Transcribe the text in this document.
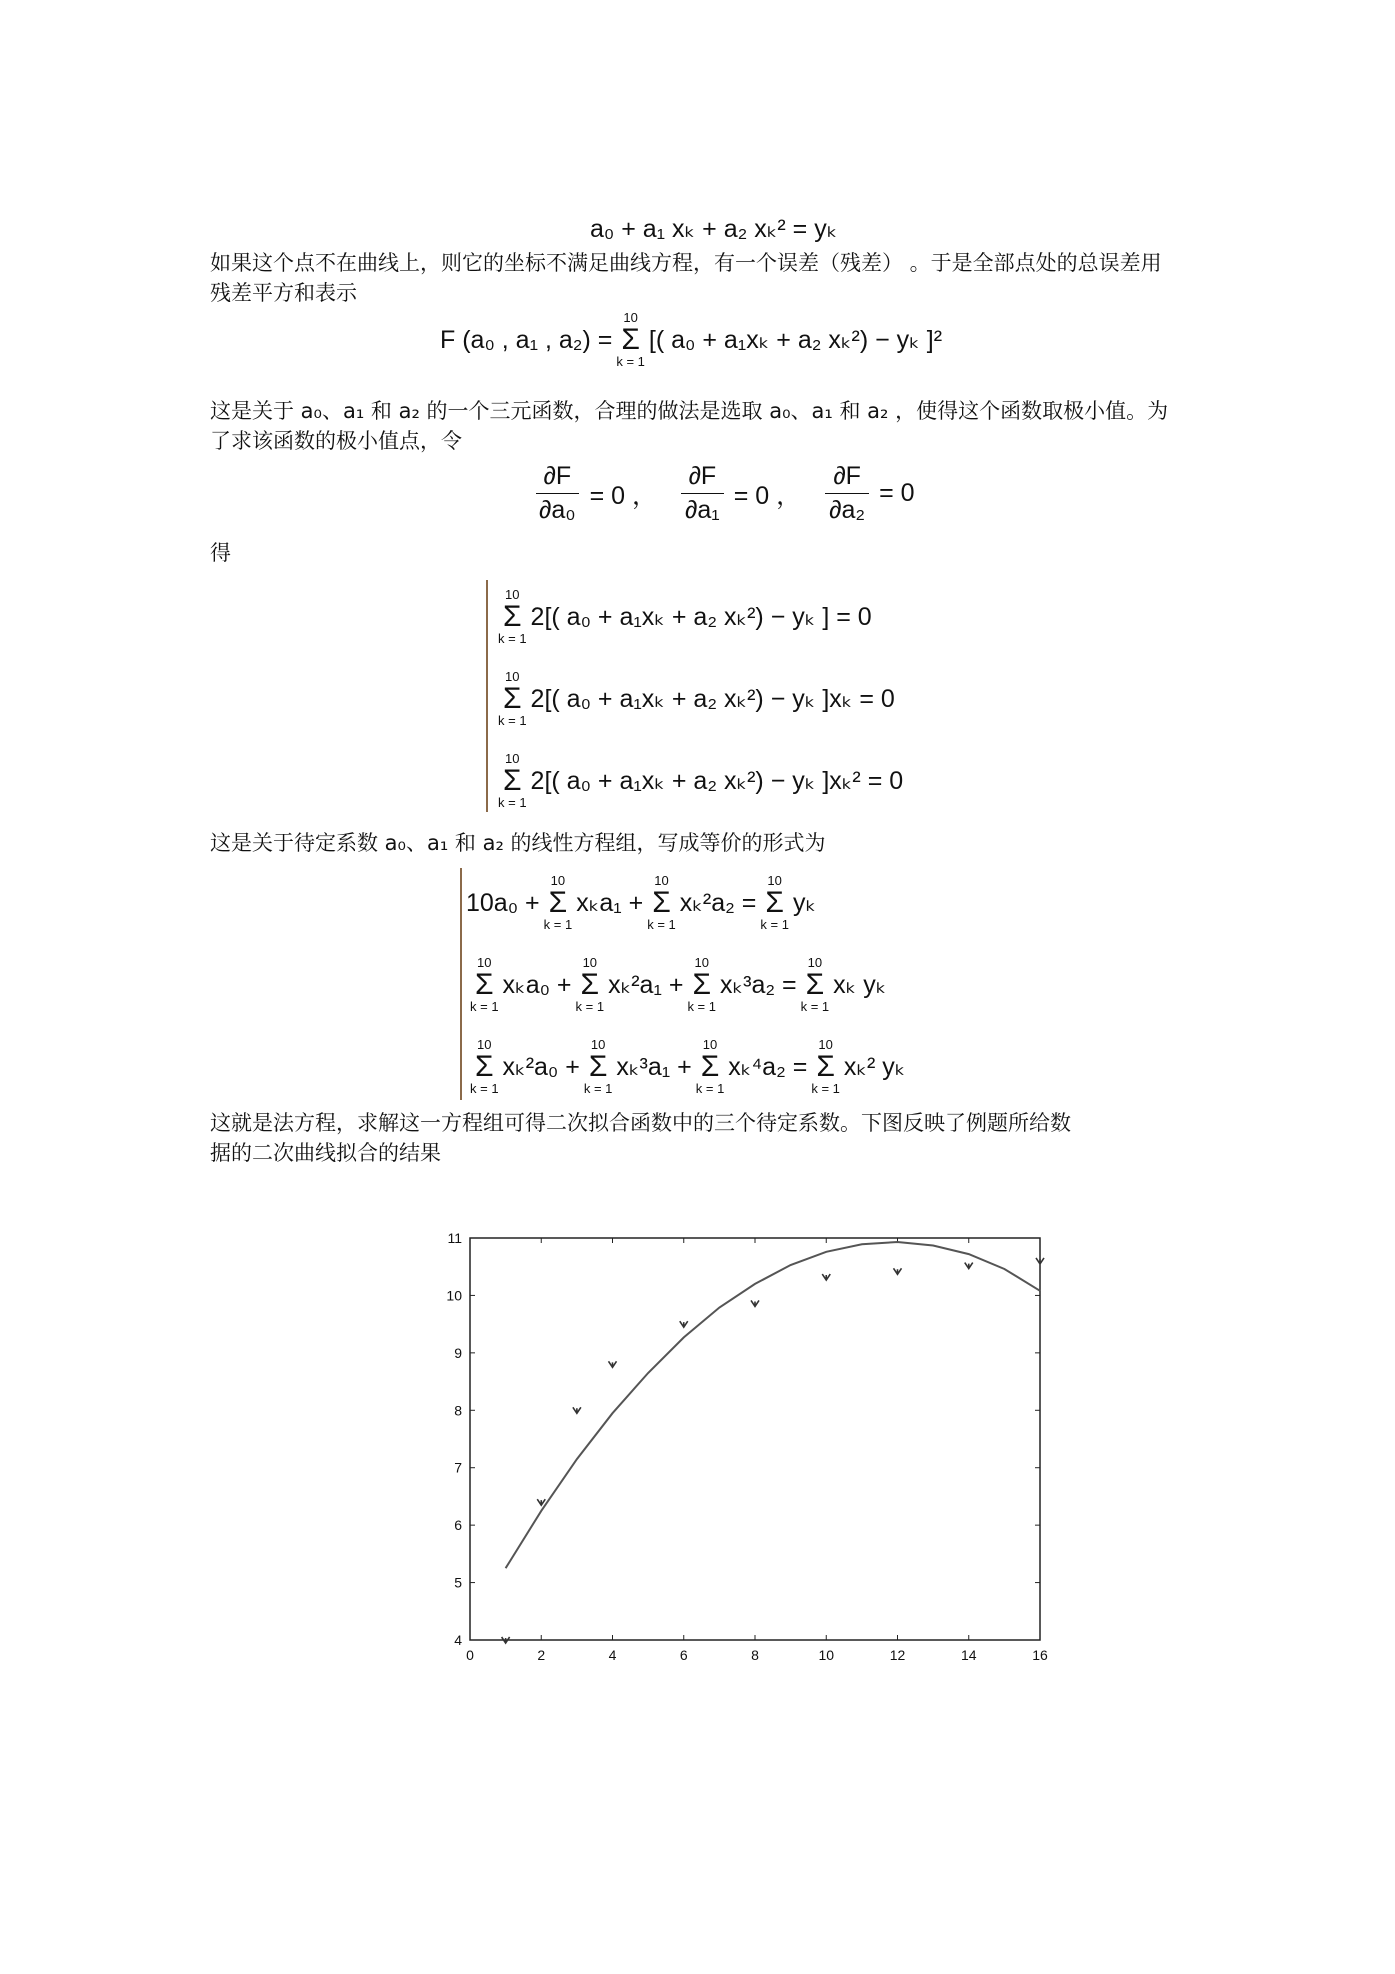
a₀ + a₁ xₖ + a₂ xₖ² = yₖ
如果这个点不在曲线上，则它的坐标不满足曲线方程，有一个误差（残差） 。于是全部点处的总误差用残差平方和表示
F (a₀ , a₁ , a₂) =
10
Σ
k = 1
[( a₀ + a₁xₖ + a₂ xₖ²) − yₖ ]²
这是关于 a₀、a₁ 和 a₂ 的一个三元函数，合理的做法是选取 a₀、a₁ 和 a₂ ，使得这个函数取极小值。为了求该函数的极小值点，令
$\frac{\partial F}{\text{∂a₀}} = 0$ ， $\frac{\partial F}{\text{∂a₁}} = 0$ ， $\frac{\partial F}{\text{∂a₂}} = 0$
得
10
Σ
k = 1
2[( a₀ + a₁xₖ + a₂ xₖ²) − yₖ ] = 0
10
Σ
k = 1
2[( a₀ + a₁xₖ + a₂ xₖ²) − yₖ ]xₖ = 0
10
Σ
k = 1
2[( a₀ + a₁xₖ + a₂ xₖ²) − yₖ ]xₖ² = 0
这是关于待定系数 a₀、a₁ 和 a₂ 的线性方程组，写成等价的形式为
10a₀ +
10
Σ
k = 1
xₖa₁ +
10
Σ
k = 1
xₖ²a₂ =
10
Σ
k = 1
yₖ
10
Σ
k = 1
xₖa₀ +
10
Σ
k = 1
xₖ²a₁ +
10
Σ
k = 1
xₖ³a₂ =
10
Σ
k = 1
xₖ yₖ
10
Σ
k = 1
xₖ²a₀ +
10
Σ
k = 1
xₖ³a₁ +
10
Σ
k = 1
xₖ⁴a₂ =
10
Σ
k = 1
xₖ² yₖ
这就是法方程，求解这一方程组可得二次拟合函数中的三个待定系数。下图反映了例题所给数据的二次曲线拟合的结果
0	2	4	6	8	10	12	14	16
4
5
6
7
8
9
10
11
